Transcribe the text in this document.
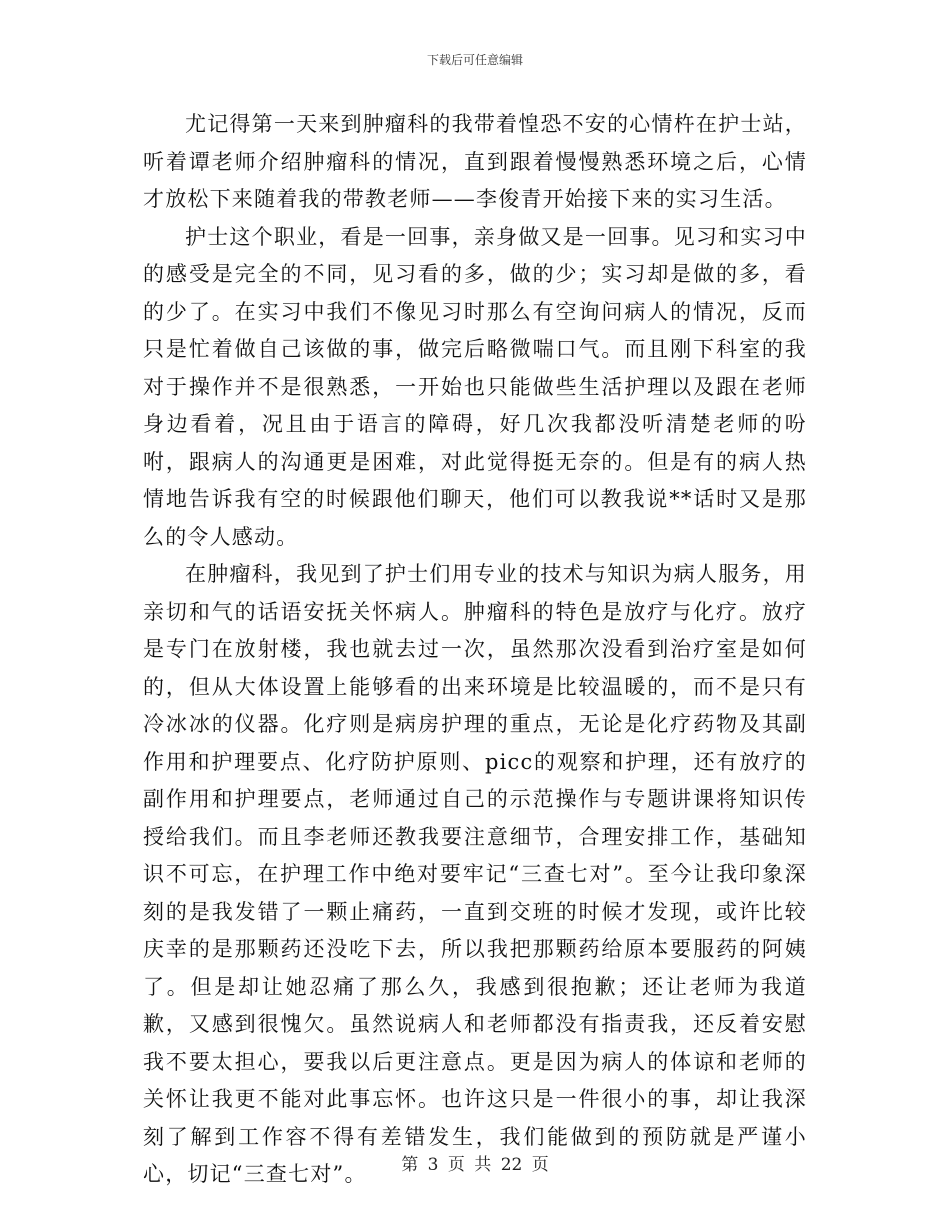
下载后可任意编辑

尤记得第一天来到肿瘤科的我带着惶恐不安的心情杵在护士站，听着谭老师介绍肿瘤科的情况，直到跟着慢慢熟悉环境之后，心情才放松下来随着我的带教老师——李俊青开始接下来的实习生活。

护士这个职业，看是一回事，亲身做又是一回事。见习和实习中的感受是完全的不同，见习看的多，做的少；实习却是做的多，看的少了。在实习中我们不像见习时那么有空询问病人的情况，反而只是忙着做自己该做的事，做完后略微喘口气。而且刚下科室的我对于操作并不是很熟悉，一开始也只能做些生活护理以及跟在老师身边看着，况且由于语言的障碍，好几次我都没听清楚老师的吩咐，跟病人的沟通更是困难，对此觉得挺无奈的。但是有的病人热情地告诉我有空的时候跟他们聊天，他们可以教我说**话时又是那么的令人感动。

在肿瘤科，我见到了护士们用专业的技术与知识为病人服务，用亲切和气的话语安抚关怀病人。肿瘤科的特色是放疗与化疗。放疗是专门在放射楼，我也就去过一次，虽然那次没看到治疗室是如何的，但从大体设置上能够看的出来环境是比较温暖的，而不是只有冷冰冰的仪器。化疗则是病房护理的重点，无论是化疗药物及其副作用和护理要点、化疗防护原则、picc的观察和护理，还有放疗的副作用和护理要点，老师通过自己的示范操作与专题讲课将知识传授给我们。而且李老师还教我要注意细节，合理安排工作，基础知识不可忘，在护理工作中绝对要牢记“三查七对”。至今让我印象深刻的是我发错了一颗止痛药，一直到交班的时候才发现，或许比较庆幸的是那颗药还没吃下去，所以我把那颗药给原本要服药的阿姨了。但是却让她忍痛了那么久，我感到很抱歉；还让老师为我道歉，又感到很愧欠。虽然说病人和老师都没有指责我，还反着安慰我不要太担心，要我以后更注意点。更是因为病人的体谅和老师的关怀让我更不能对此事忘怀。也许这只是一件很小的事，却让我深刻了解到工作容不得有差错发生，我们能做到的预防就是严谨小心，切记“三查七对”。	第 3 页 共 22 页
